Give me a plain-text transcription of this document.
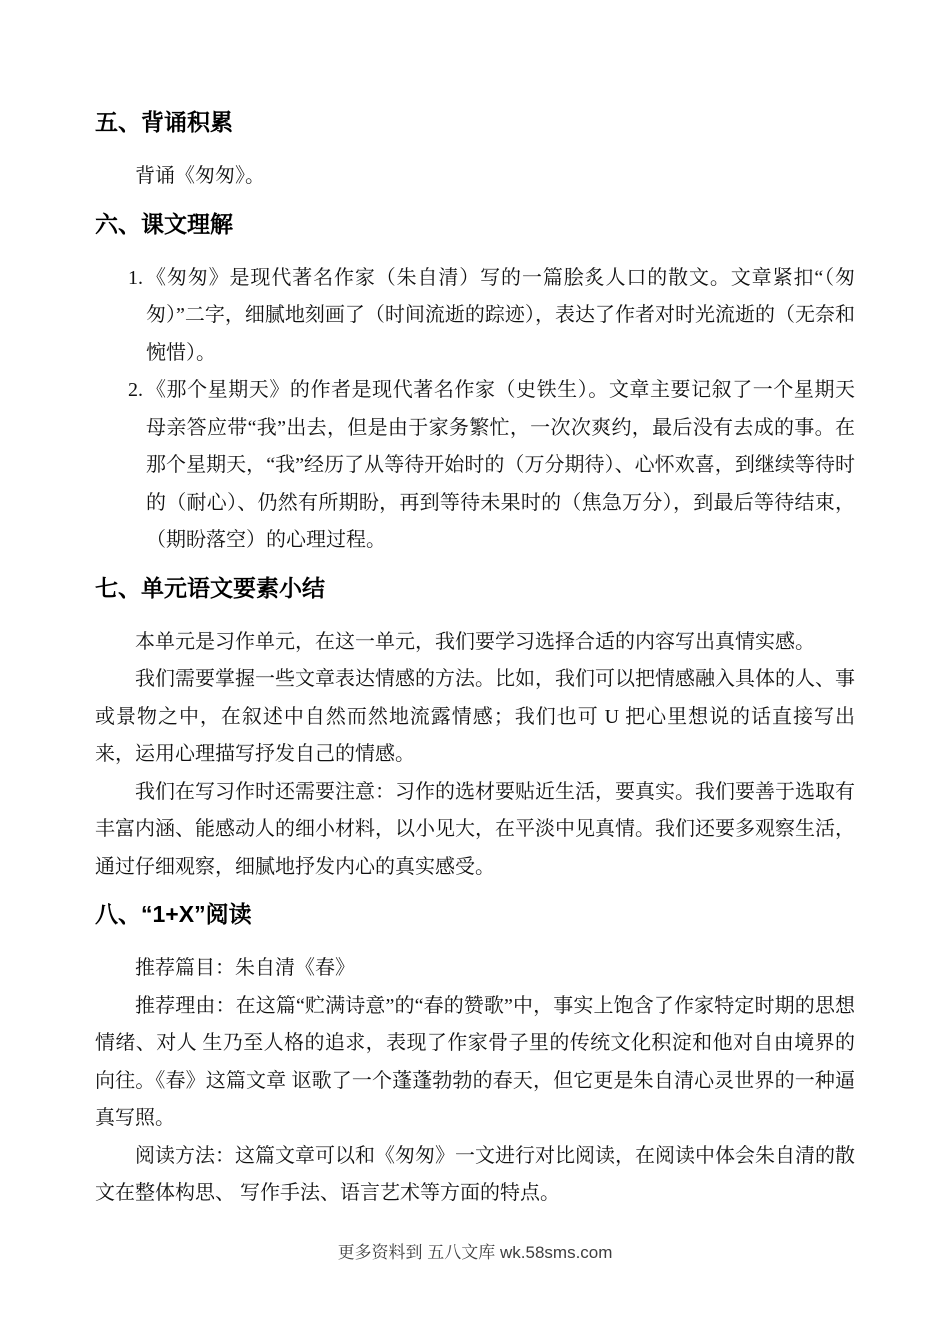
五、背诵积累

背诵《匆匆》。

六、课文理解
1. 《匆匆》是现代著名作家（朱自清）写的一篇脍炙人口的散文。文章紧扣“（匆匆）”二字，细腻地刻画了（时间流逝的踪迹），表达了作者对时光流逝的（无奈和惋惜）。
2. 《那个星期天》的作者是现代著名作家（史铁生）。文章主要记叙了一个星期天母亲答应带“我”出去，但是由于家务繁忙，一次次爽约，最后没有去成的事。在那个星期天，“我”经历了从等待开始时的（万分期待）、心怀欢喜，到继续等待时的（耐心）、仍然有所期盼，再到等待未果时的（焦急万分），到最后等待结束，（期盼落空）的心理过程。
七、单元语文要素小结

本单元是习作单元，在这一单元，我们要学习选择合适的内容写出真情实感。

我们需要掌握一些文章表达情感的方法。比如，我们可以把情感融入具体的人、事或景物之中，在叙述中自然而然地流露情感；我们也可 U 把心里想说的话直接写出来，运用心理描写抒发自己的情感。

我们在写习作时还需要注意：习作的选材要贴近生活，要真实。我们要善于选取有丰富内涵、能感动人的细小材料，以小见大，在平淡中见真情。我们还要多观察生活，通过仔细观察，细腻地抒发内心的真实感受。

八、“1+X”阅读

推荐篇目：朱自清《春》

推荐理由：在这篇“贮满诗意”的“春的赞歌”中，事实上饱含了作家特定时期的思想情绪、对人 生乃至人格的追求，表现了作家骨子里的传统文化积淀和他对自由境界的向往。《春》这篇文章 讴歌了一个蓬蓬勃勃的春天，但它更是朱自清心灵世界的一种逼真写照。

阅读方法：这篇文章可以和《匆匆》一文进行对比阅读，在阅读中体会朱自清的散文在整体构思、 写作手法、语言艺术等方面的特点。

更多资料到 五八文库 wk.58sms.com
